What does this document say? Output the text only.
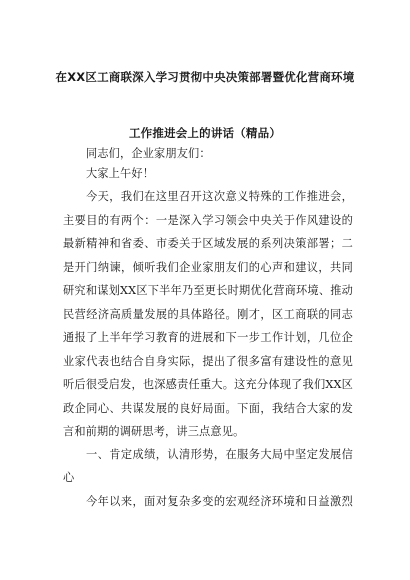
在XX区工商联深入学习贯彻中央决策部署暨优化营商环境
工作推进会上的讲话（精品）
同志们，企业家朋友们：
大家上午好！
今天，我们在这里召开这次意义特殊的工作推进会，
主要目的有两个：一是深入学习领会中央关于作风建设的
最新精神和省委、市委关于区域发展的系列决策部署；二
是开门纳谏，倾听我们企业家朋友们的心声和建议，共同
研究和谋划XX区下半年乃至更长时期优化营商环境、推动
民营经济高质量发展的具体路径。刚才，区工商联的同志
通报了上半年学习教育的进展和下一步工作计划，几位企
业家代表也结合自身实际，提出了很多富有建设性的意见
听后很受启发，也深感责任重大。这充分体现了我们XX区
政企同心、共谋发展的良好局面。下面，我结合大家的发
言和前期的调研思考，讲三点意见。
一、肯定成绩，认清形势，在服务大局中坚定发展信
心
今年以来，面对复杂多变的宏观经济环境和日益激烈
